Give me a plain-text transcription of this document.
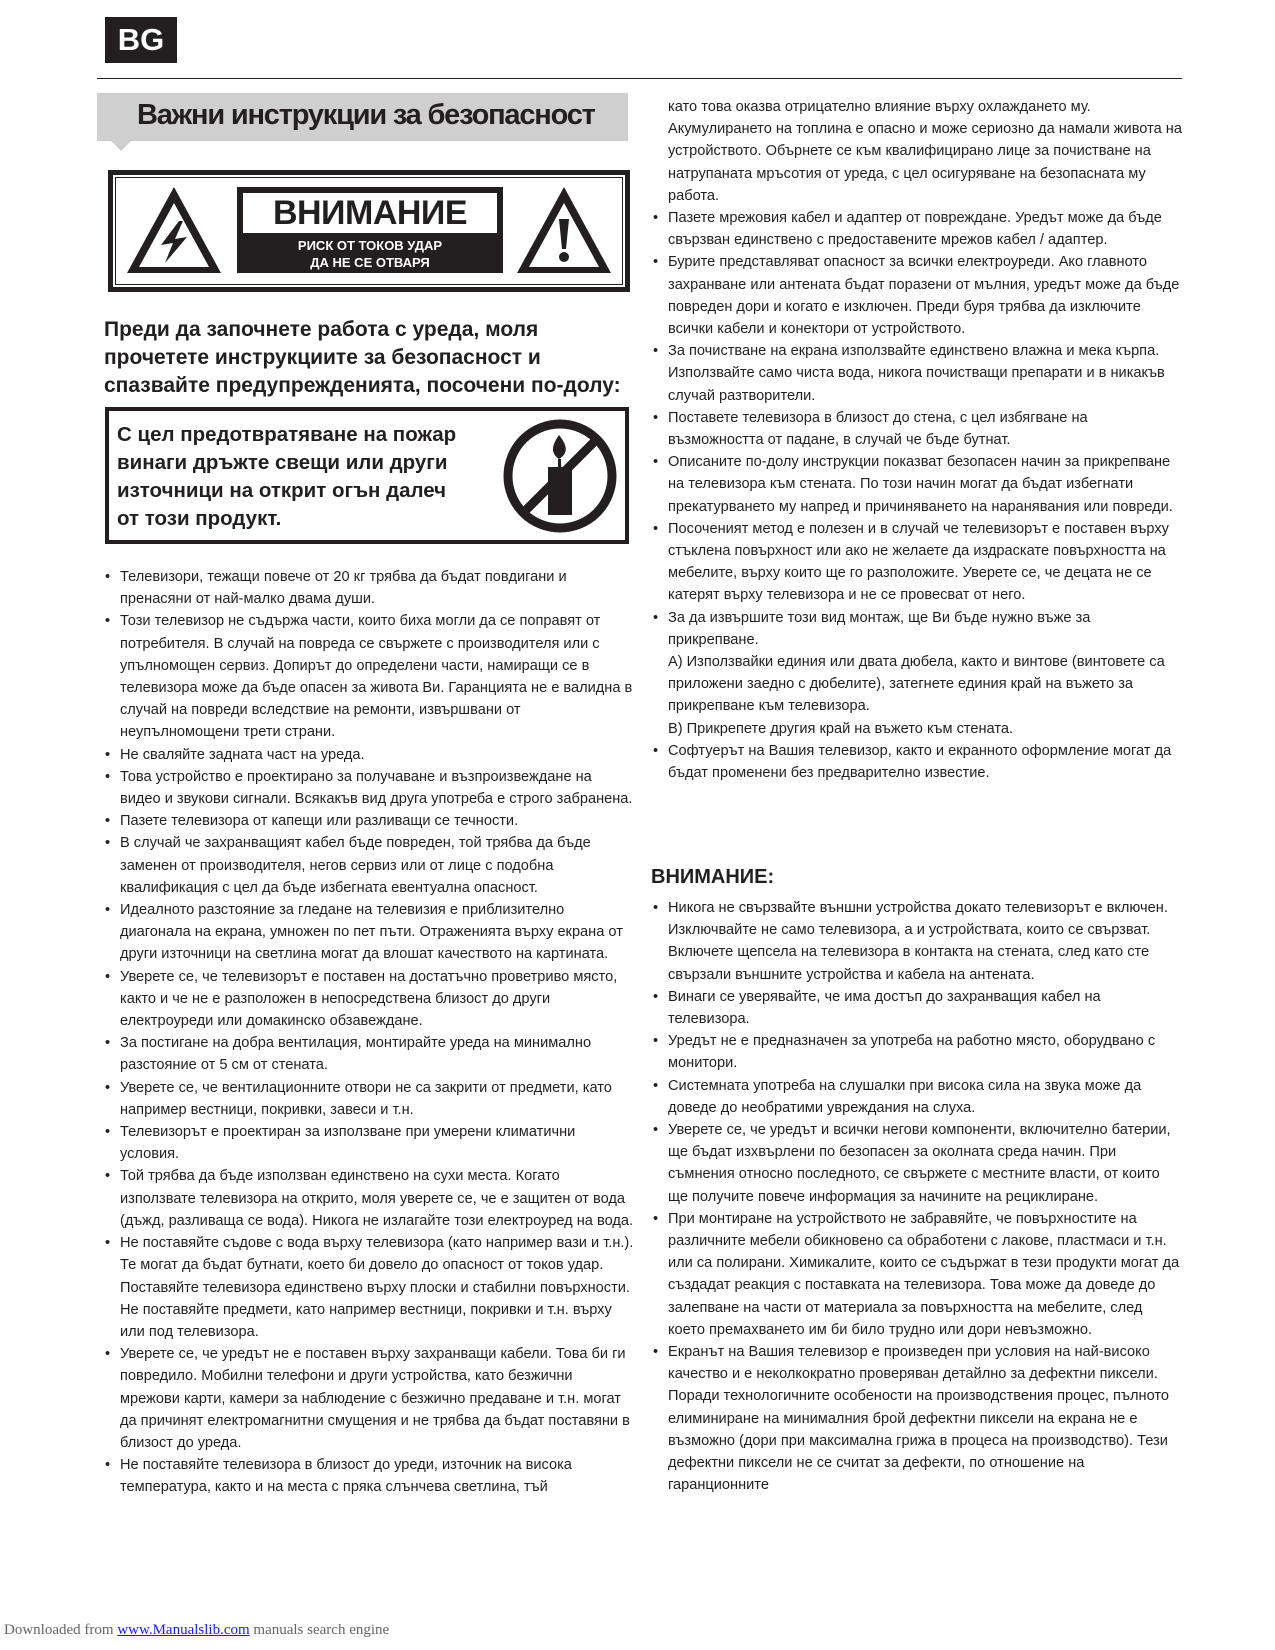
BG
Важни инструкции за безопасност
ВНИМАНИЕ
РИСК ОТ ТОКОВ УДАР
ДА НЕ СЕ ОТВАРЯ

Преди да започнете работа с уреда, моля прочетете инструкциите за безопасност и спазвайте предупрежденията, посочени по-долу:

С цел предотвратяване на пожар винаги дръжте свещи или други източници на открит огън далеч от този продукт.

• Телевизори, тежащи повече от 20 кг трябва да бъдат повдигани и пренасяни от най-малко двама души.
• Този телевизор не съдържа части, които биха могли да се поправят от потребителя. В случай на повреда се свържете с производителя или с упълномощен сервиз. Допирът до определени части, намиращи се в телевизора може да бъде опасен за живота Ви. Гаранцията не е валидна в случай на повреди вследствие на ремонти, извършвани от неупълномощени трети страни.
• Не сваляйте задната част на уреда.
• Това устройство е проектирано за получаване и възпроизвеждане на видео и звукови сигнали. Всякакъв вид друга употреба е строго забранена.
• Пазете телевизора от капещи или разливащи се течности.
• В случай че захранващият кабел бъде повреден, той трябва да бъде заменен от производителя, негов сервиз или от лице с подобна квалификация с цел да бъде избегната евентуална опасност.
• Идеалното разстояние за гледане на телевизия е приблизително диагонала на екрана, умножен по пет пъти. Отраженията върху екрана от други източници на светлина могат да влошат качеството на картината.
• Уверете се, че телевизорът е поставен на достатъчно проветриво място, както и че не е разположен в непосредствена близост до други електроуреди или домакинско обзавеждане.
• За постигане на добра вентилация, монтирайте уреда на минимално разстояние от 5 см от стената.
• Уверете се, че вентилационните отвори не са закрити от предмети, като например вестници, покривки, завеси и т.н.
• Телевизорът е проектиран за използване при умерени климатични условия.
• Той трябва да бъде използван единствено на сухи места. Когато използвате телевизора на открито, моля уверете се, че е защитен от вода (дъжд, разливаща се вода). Никога не излагайте този електроуред на вода.
• Не поставяйте съдове с вода върху телевизора (като например вази и т.н.). Те могат да бъдат бутнати, което би довело до опасност от токов удар. Поставяйте телевизора единствено върху плоски и стабилни повърхности. Не поставяйте предмети, като например вестници, покривки и т.н. върху или под телевизора.
• Уверете се, че уредът не е поставен върху захранващи кабели. Това би ги повредило. Мобилни телефони и други устройства, като безжични мрежови карти, камери за наблюдение с безжично предаване и т.н. могат да причинят електромагнитни смущения и не трябва да бъдат поставяни в близост до уреда.
• Не поставяйте телевизора в близост до уреди, източник на висока температура, както и на места с пряка слънчева светлина, тъй
като това оказва отрицателно влияние върху охлаждането му. Акумулирането на топлина е опасно и може сериозно да намали живота на устройството. Обърнете се към квалифицирано лице за почистване на натрупаната мръсотия от уреда, с цел осигуряване на безопасната му работа.
• Пазете мрежовия кабел и адаптер от повреждане. Уредът може да бъде свързван единствено с предоставените мрежов кабел / адаптер.
• Бурите представляват опасност за всички електроуреди. Ако главното захранване или антената бъдат поразени от мълния, уредът може да бъде повреден дори и когато е изключен. Преди буря трябва да изключите всички кабели и конектори от устройството.
• За почистване на екрана използвайте единствено влажна и мека кърпа. Използвайте само чиста вода, никога почистващи препарати и в никакъв случай разтворители.
• Поставете телевизора в близост до стена, с цел избягване на възможността от падане, в случай че бъде бутнат.
• Описаните по-долу инструкции показват безопасен начин за прикрепване на телевизора към стената. По този начин могат да бъдат избегнати прекатурването му напред и причиняването на наранявания или повреди.
• Посоченият метод е полезен и в случай че телевизорът е поставен върху стъклена повърхност или ако не желаете да издраскате повърхността на мебелите, върху които ще го разположите. Уверете се, че децата не се катерят върху телевизора и не се провесват от него.
• За да извършите този вид монтаж, ще Ви бъде нужно въже за прикрепване.
А) Използвайки единия или двата дюбела, както и винтове (винтовете са приложени заедно с дюбелите), затегнете единия край на въжето за прикрепване към телевизора.
В) Прикрепете другия край на въжето към стената.
• Софтуерът на Вашия телевизор, както и екранното оформление могат да бъдат променени без предварително известие.
ВНИМАНИЕ:
• Никога не свързвайте външни устройства докато телевизорът е включен. Изключвайте не само телевизора, а и устройствата, които се свързват. Включете щепсела на телевизора в контакта на стената, след като сте свързали външните устройства и кабела на антената.
• Винаги се уверявайте, че има достъп до захранващия кабел на телевизора.
• Уредът не е предназначен за употреба на работно място, оборудвано с монитори.
• Системната употреба на слушалки при висока сила на звука може да доведе до необратими увреждания на слуха.
• Уверете се, че уредът и всички негови компоненти, включително батерии, ще бъдат изхвърлени по безопасен за околната среда начин. При съмнения относно последното, се свържете с местните власти, от които ще получите повече информация за начините на рециклиране.
• При монтиране на устройството не забравяйте, че повърхностите на различните мебели обикновено са обработени с лакове, пластмаси и т.н. или са полирани. Химикалите, които се съдържат в тези продукти могат да създадат реакция с поставката на телевизора. Това може да доведе до залепване на части от материала за повърхността на мебелите, след което премахването им би било трудно или дори невъзможно.
• Екранът на Вашия телевизор е произведен при условия на най-високо качество и е неколкократно проверяван детайлно за дефектни пиксели. Поради технологичните особености на производствения процес, пълното елиминиране на минималния брой дефектни пиксели на екрана не е възможно (дори при максимална грижа в процеса на производство). Тези дефектни пиксели не се считат за дефекти, по отношение на гаранционните
Downloaded from www.Manualslib.com manuals search engine
